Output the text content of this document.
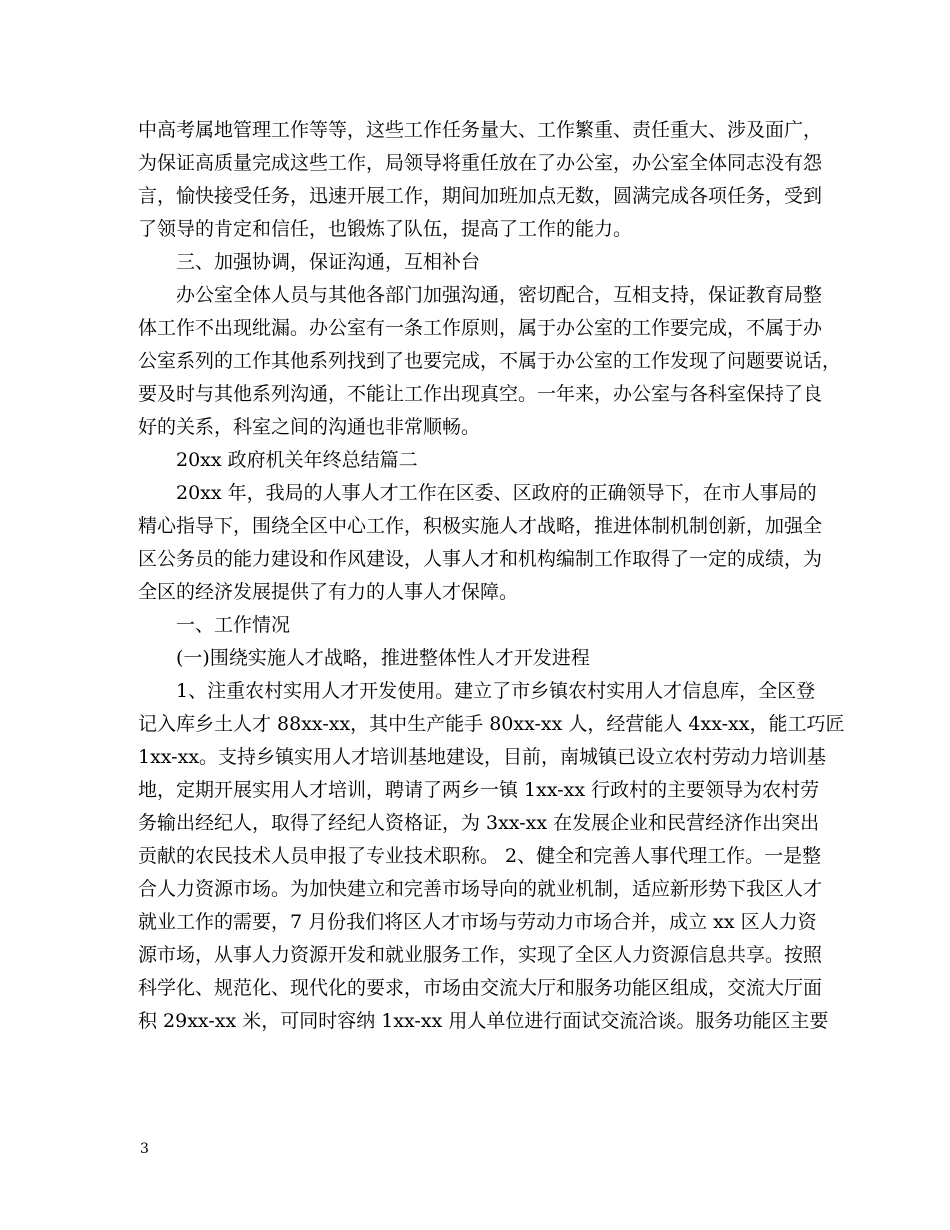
中高考属地管理工作等等，这些工作任务量大、工作繁重、责任重大、涉及面广，
为保证高质量完成这些工作，局领导将重任放在了办公室，办公室全体同志没有怨
言，愉快接受任务，迅速开展工作，期间加班加点无数，圆满完成各项任务，受到
了领导的肯定和信任，也锻炼了队伍，提高了工作的能力。
三、加强协调，保证沟通，互相补台
办公室全体人员与其他各部门加强沟通，密切配合，互相支持，保证教育局整
体工作不出现纰漏。办公室有一条工作原则，属于办公室的工作要完成，不属于办
公室系列的工作其他系列找到了也要完成，不属于办公室的工作发现了问题要说话，
要及时与其他系列沟通，不能让工作出现真空。一年来，办公室与各科室保持了良
好的关系，科室之间的沟通也非常顺畅。
20xx 政府机关年终总结篇二
20xx 年，我局的人事人才工作在区委、区政府的正确领导下，在市人事局的
精心指导下，围绕全区中心工作，积极实施人才战略，推进体制机制创新，加强全
区公务员的能力建设和作风建设，人事人才和机构编制工作取得了一定的成绩，为
全区的经济发展提供了有力的人事人才保障。
一、工作情况
(一)围绕实施人才战略，推进整体性人才开发进程
1、注重农村实用人才开发使用。建立了市乡镇农村实用人才信息库，全区登
记入库乡土人才 88xx-xx，其中生产能手 80xx-xx 人，经营能人 4xx-xx，能工巧匠
1xx-xx。支持乡镇实用人才培训基地建设，目前，南城镇已设立农村劳动力培训基
地，定期开展实用人才培训，聘请了两乡一镇 1xx-xx 行政村的主要领导为农村劳
务输出经纪人，取得了经纪人资格证，为 3xx-xx 在发展企业和民营经济作出突出
贡献的农民技术人员申报了专业技术职称。 2、健全和完善人事代理工作。一是整
合人力资源市场。为加快建立和完善市场导向的就业机制，适应新形势下我区人才
就业工作的需要，7 月份我们将区人才市场与劳动力市场合并，成立 xx 区人力资
源市场，从事人力资源开发和就业服务工作，实现了全区人力资源信息共享。按照
科学化、规范化、现代化的要求，市场由交流大厅和服务功能区组成，交流大厅面
积 29xx-xx 米，可同时容纳 1xx-xx 用人单位进行面试交流洽谈。服务功能区主要
3
